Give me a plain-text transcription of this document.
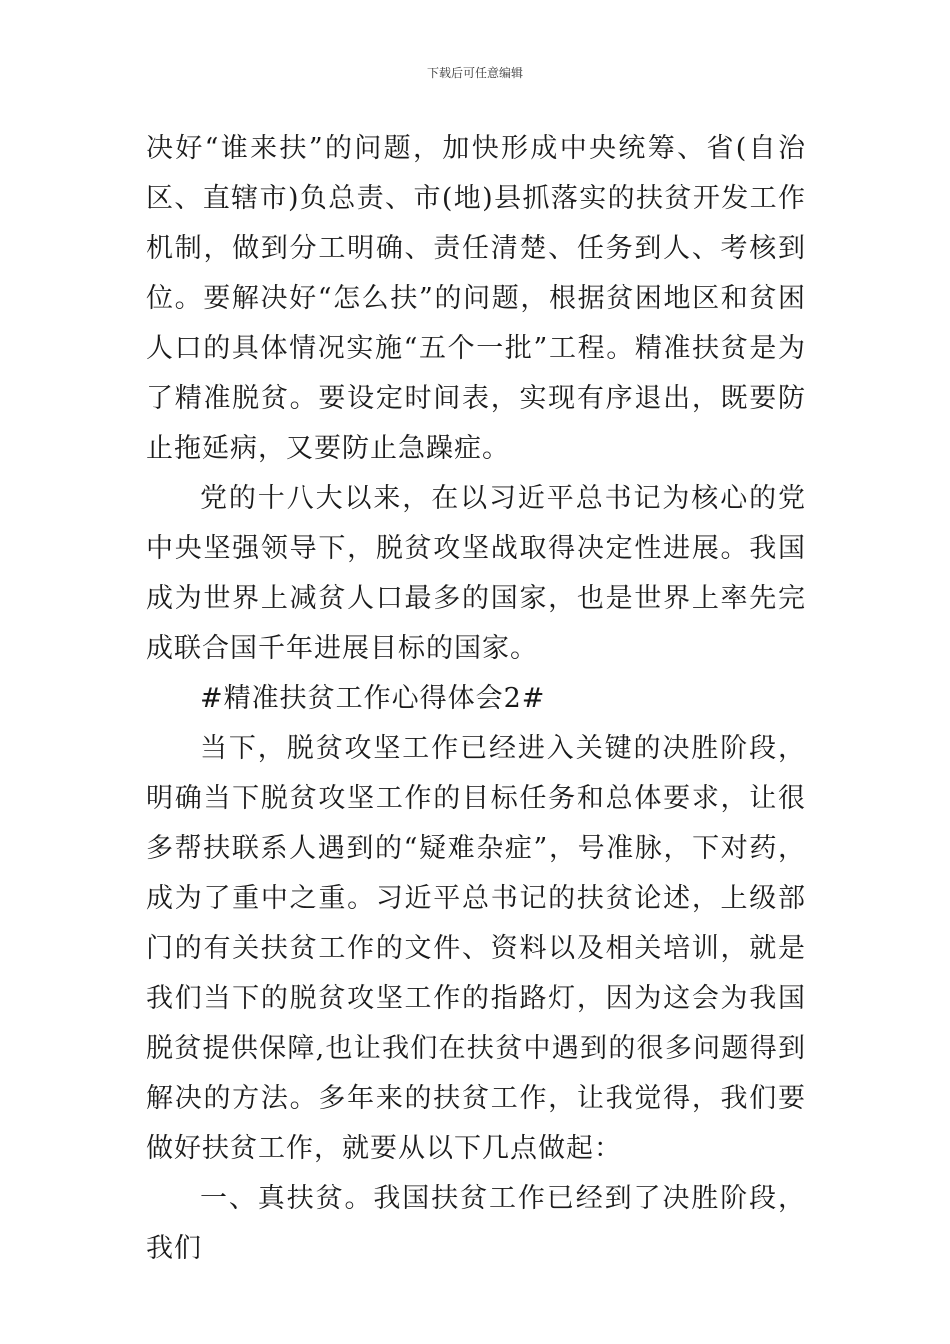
下载后可任意编辑

决好“谁来扶”的问题，加快形成中央统筹、省(自治区、直辖市)负总责、市(地)县抓落实的扶贫开发工作机制，做到分工明确、责任清楚、任务到人、考核到位。要解决好“怎么扶”的问题，根据贫困地区和贫困人口的具体情况实施“五个一批”工程。精准扶贫是为了精准脱贫。要设定时间表，实现有序退出，既要防止拖延病，又要防止急躁症。

党的十八大以来，在以习近平总书记为核心的党中央坚强领导下，脱贫攻坚战取得决定性进展。我国成为世界上减贫人口最多的国家，也是世界上率先完成联合国千年进展目标的国家。

#精准扶贫工作心得体会2#

当下，脱贫攻坚工作已经进入关键的决胜阶段，明确当下脱贫攻坚工作的目标任务和总体要求，让很多帮扶联系人遇到的“疑难杂症”，号准脉，下对药，成为了重中之重。习近平总书记的扶贫论述，上级部门的有关扶贫工作的文件、资料以及相关培训，就是我们当下的脱贫攻坚工作的指路灯，因为这会为我国脱贫提供保障,也让我们在扶贫中遇到的很多问题得到解决的方法。多年来的扶贫工作，让我觉得，我们要做好扶贫工作，就要从以下几点做起：

一、真扶贫。我国扶贫工作已经到了决胜阶段，我们
